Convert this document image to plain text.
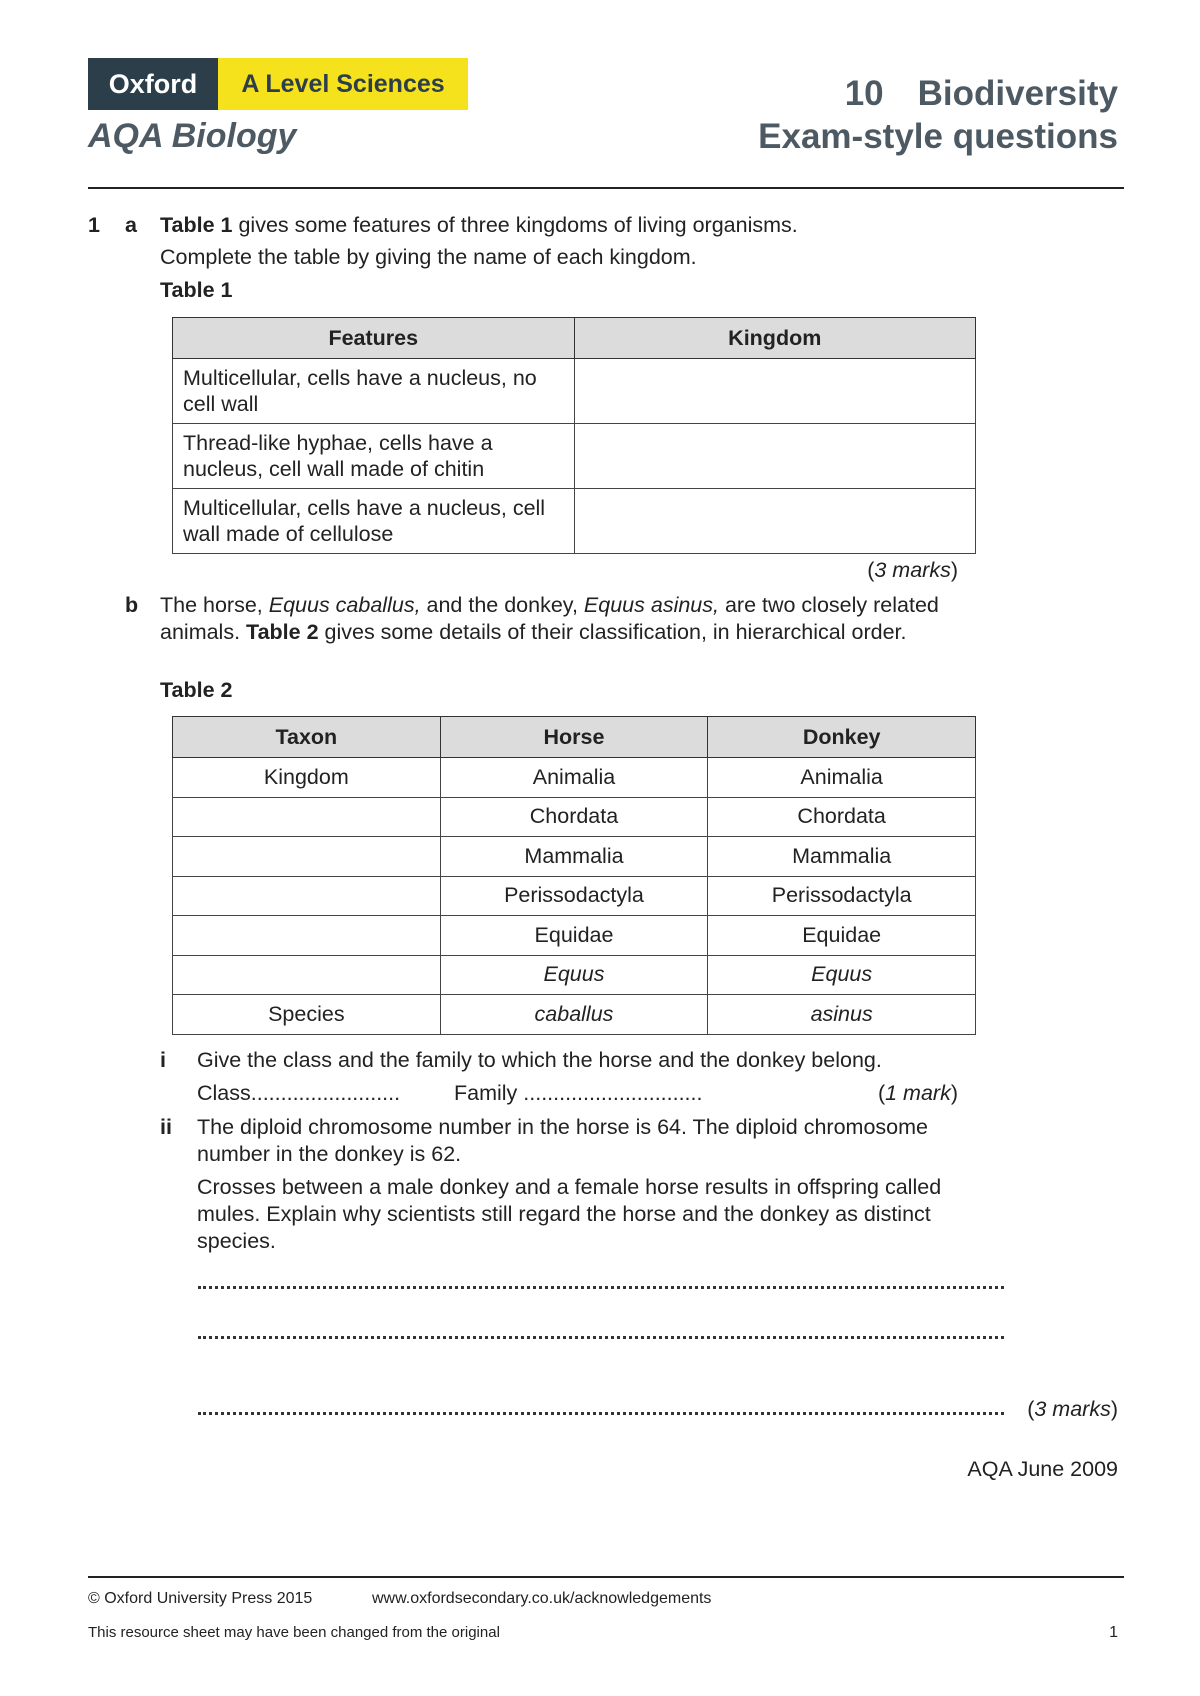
Oxford	A Level Sciences
AQA Biology
10 Biodiversity
Exam-style questions
1 a Table 1 gives some features of three kingdoms of living organisms.
Complete the table by giving the name of each kingdom.
Table 1
Features	Kingdom
Multicellular, cells have a nucleus, no cell wall	
Thread-like hyphae, cells have a nucleus, cell wall made of chitin	
Multicellular, cells have a nucleus, cell wall made of cellulose	
(3 marks)
b The horse, Equus caballus, and the donkey, Equus asinus, are two closely related animals. Table 2 gives some details of their classification, in hierarchical order.
Table 2
Taxon	Horse	Donkey
Kingdom	Animalia	Animalia
	Chordata	Chordata
	Mammalia	Mammalia
	Perissodactyla	Perissodactyla
	Equidae	Equidae
	Equus	Equus
Species	caballus	asinus
i Give the class and the family to which the horse and the donkey belong.
Class.........................	Family ..............................	(1 mark)
ii The diploid chromosome number in the horse is 64. The diploid chromosome number in the donkey is 62.
Crosses between a male donkey and a female horse results in offspring called mules. Explain why scientists still regard the horse and the donkey as distinct species.
(3 marks)
AQA June 2009
© Oxford University Press 2015	www.oxfordsecondary.co.uk/acknowledgements
This resource sheet may have been changed from the original	1
